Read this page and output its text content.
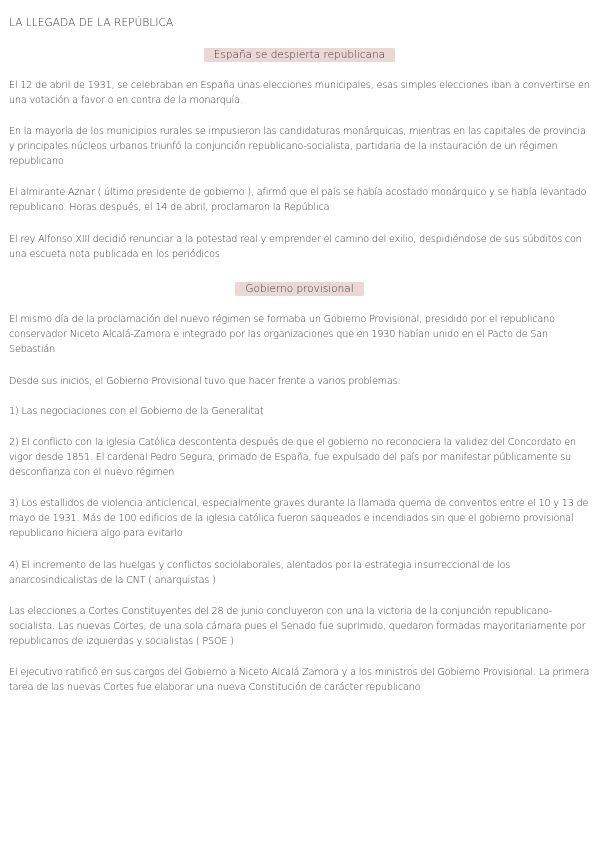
LA LLEGADA DE LA REPÚBLICA
España se despierta republicana
El 12 de abril de 1931, se celebraban en España unas elecciones municipales, esas simples elecciones iban a convertirse en una votación a favor o en contra de la monarquía.
En la mayoría de los municipios rurales se impusieron las candidaturas monárquicas, mientras en las capitales de provincia y principales núcleos urbanos triunfó la conjunción republicano-socialista, partidaria de la instauración de un régimen republicano
El almirante Aznar ( último presidente de gobierno ), afirmó que el país se había acostado monárquico y se había levantado republicano. Horas después, el 14 de abril, proclamaron la República
El rey Alfonso XIII decidió renunciar a la potestad real y emprender el camino del exilio, despidiéndose de sus súbditos con una escueta nota publicada en los periódicos
Gobierno provisional
El mismo día de la proclamación del nuevo régimen se formaba un Gobierno Provisional, presidido por el republicano conservador Niceto Alcalá-Zamora e integrado por las organizaciones que en 1930 habían unido en el Pacto de San Sebastián
Desde sus inicios, el Gobierno Provisional tuvo que hacer frente a varios problemas:
1) Las negociaciones con el Gobierno de la Generalitat
2) El conflicto con la iglesia Católica descontenta después de que el gobierno no reconociera la validez del Concordato en vigor desde 1851. El cardenal Pedro Segura, primado de España, fue expulsado del país por manifestar públicamente su desconfianza con el nuevo régimen
3) Los estallidos de violencia anticlerical, especialmente graves durante la llamada quema de conventos entre el 10 y 13 de mayo de 1931. Más de 100 edificios de la iglesia católica fueron saqueados e incendiados sin que el gobierno provisional republicano hiciera algo para evitarlo
4) El incremento de las huelgas y conflictos sociolaborales, alentados por la estrategia insurreccional de los anarcosindicalistas de la CNT ( anarquistas )
Las elecciones a Cortes Constituyentes del 28 de junio concluyeron con una la victoria de la conjunción republicano-socialista. Las nuevas Cortes, de una sola cámara pues el Senado fue suprimido, quedaron formadas mayoritariamente por republicanos de izquierdas y socialistas ( PSOE )
El ejecutivo ratificó en sus cargos del Gobierno a Niceto Alcalá Zamora y a los ministros del Gobierno Provisional. La primera tarea de las nuevas Cortes fue elaborar una nueva Constitución de carácter republicano
